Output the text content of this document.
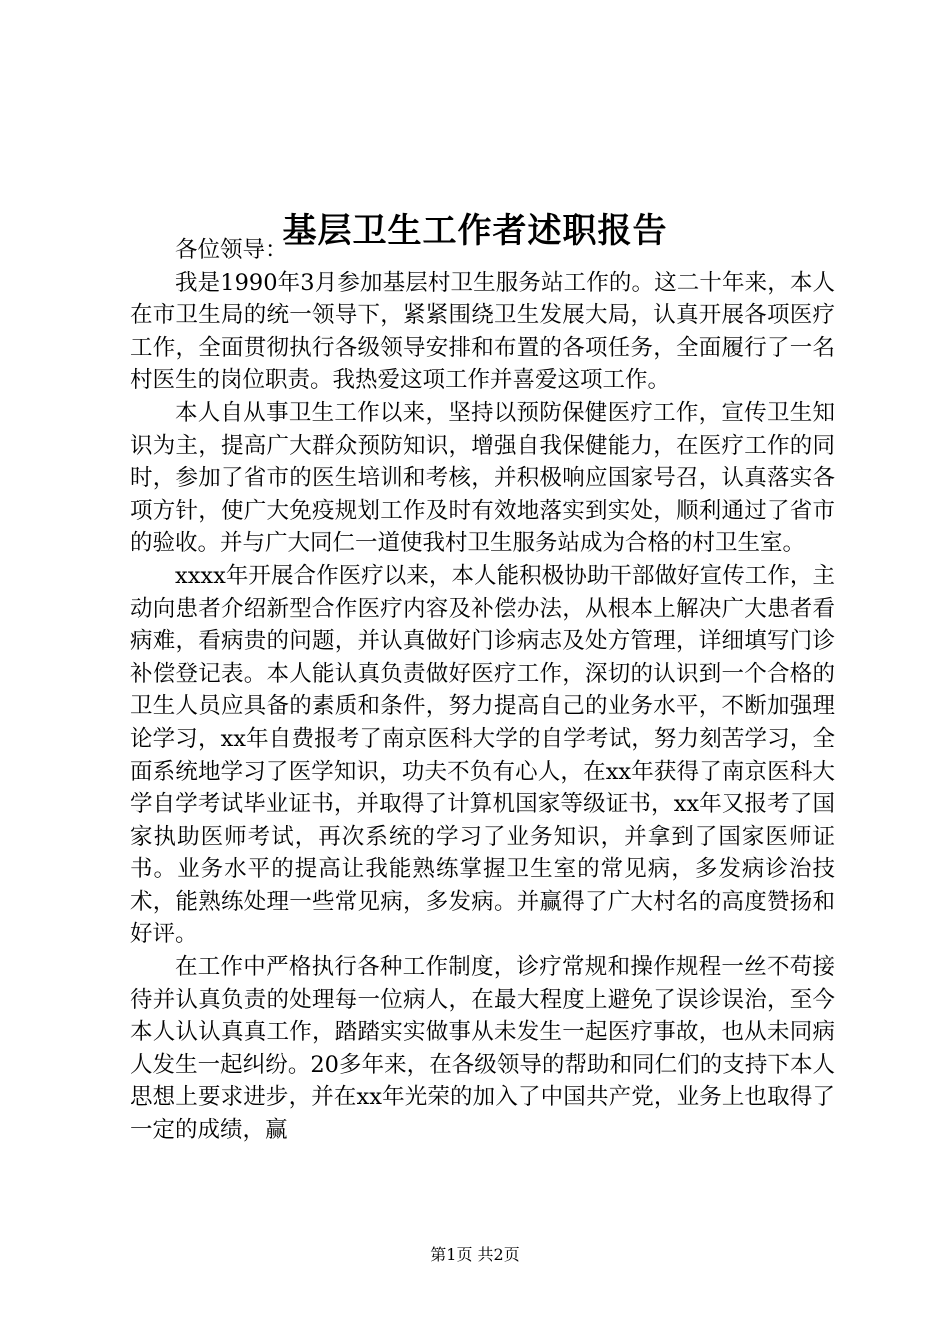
基层卫生工作者述职报告

各位领导：

我是1990年3月参加基层村卫生服务站工作的。这二十年来，本人在市卫生局的统一领导下，紧紧围绕卫生发展大局，认真开展各项医疗工作，全面贯彻执行各级领导安排和布置的各项任务，全面履行了一名村医生的岗位职责。我热爱这项工作并喜爱这项工作。

本人自从事卫生工作以来，坚持以预防保健医疗工作，宣传卫生知识为主，提高广大群众预防知识，增强自我保健能力，在医疗工作的同时，参加了省市的医生培训和考核，并积极响应国家号召，认真落实各项方针，使广大免疫规划工作及时有效地落实到实处，顺利通过了省市的验收。并与广大同仁一道使我村卫生服务站成为合格的村卫生室。

xxxx年开展合作医疗以来，本人能积极协助干部做好宣传工作，主动向患者介绍新型合作医疗内容及补偿办法，从根本上解决广大患者看病难，看病贵的问题，并认真做好门诊病志及处方管理，详细填写门诊补偿登记表。本人能认真负责做好医疗工作，深切的认识到一个合格的卫生人员应具备的素质和条件，努力提高自己的业务水平，不断加强理论学习，xx年自费报考了南京医科大学的自学考试，努力刻苦学习，全面系统地学习了医学知识，功夫不负有心人，在xx年获得了南京医科大学自学考试毕业证书，并取得了计算机国家等级证书，xx年又报考了国家执助医师考试，再次系统的学习了业务知识，并拿到了国家医师证书。业务水平的提高让我能熟练掌握卫生室的常见病，多发病诊治技术，能熟练处理一些常见病，多发病。并赢得了广大村名的高度赞扬和好评。

在工作中严格执行各种工作制度，诊疗常规和操作规程一丝不苟接待并认真负责的处理每一位病人，在最大程度上避免了误诊误治，至今本人认认真真工作，踏踏实实做事从未发生一起医疗事故，也从未同病人发生一起纠纷。20多年来，在各级领导的帮助和同仁们的支持下本人思想上要求进步，并在xx年光荣的加入了中国共产党，业务上也取得了一定的成绩，赢

第1页 共2页
